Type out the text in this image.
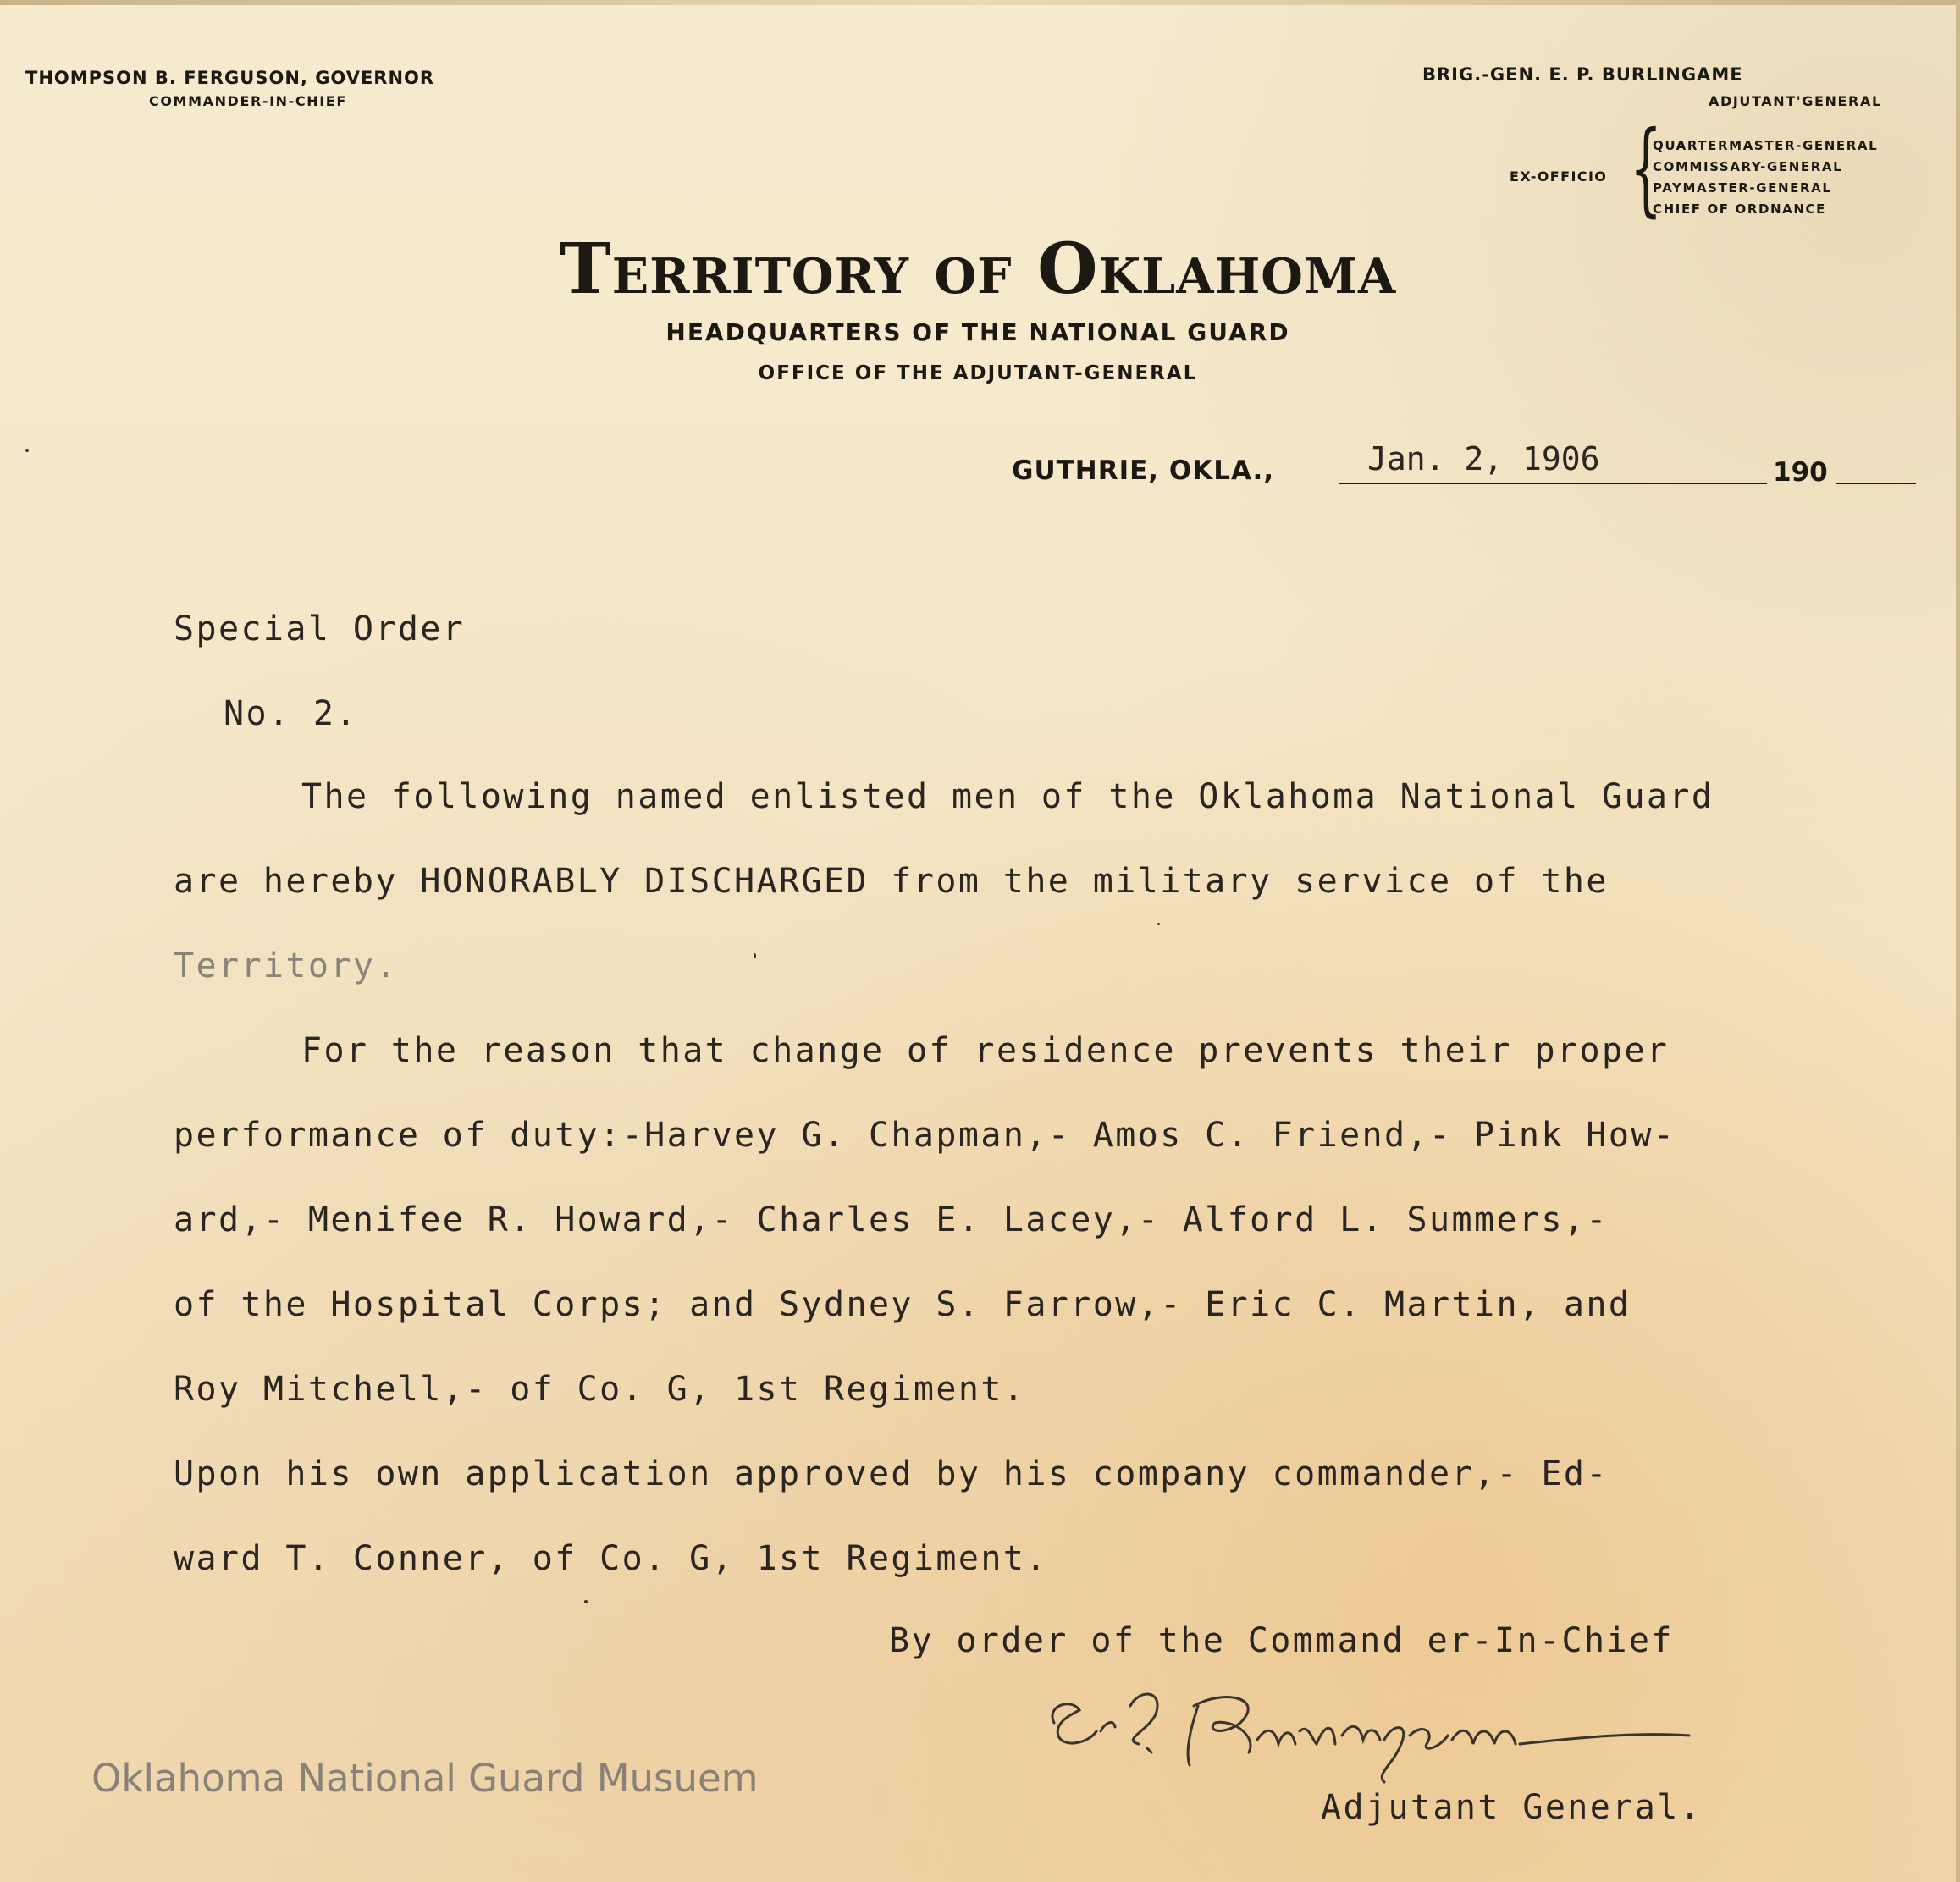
THOMPSON B. FERGUSON, GOVERNOR
COMMANDER-IN-CHIEF
BRIG.-GEN. E. P. BURLINGAME
ADJUTANT'GENERAL
EX-OFFICIO {
QUARTERMASTER-GENERAL
COMMISSARY-GENERAL
PAYMASTER-GENERAL
CHIEF OF ORDNANCE
Territory of Oklahoma
HEADQUARTERS OF THE NATIONAL GUARD
OFFICE OF THE ADJUTANT-GENERAL
GUTHRIE, OKLA.,	Jan. 2, 1906	190
Special Order
No. 2.
The following named enlisted men of the Oklahoma National Guard
are hereby HONORABLY DISCHARGED from the military service of the
Territory.
For the reason that change of residence prevents their proper
performance of duty:-Harvey G. Chapman,- Amos C. Friend,- Pink How-
ard,- Menifee R. Howard,- Charles E. Lacey,- Alford L. Summers,-
of the Hospital Corps; and Sydney S. Farrow,- Eric C. Martin, and
Roy Mitchell,- of Co. G, 1st Regiment.
Upon his own application approved by his company commander,- Ed-
ward T. Conner, of Co. G, 1st Regiment.
By order of the Command er-In-Chief
Adjutant General.
Oklahoma National Guard Musuem
